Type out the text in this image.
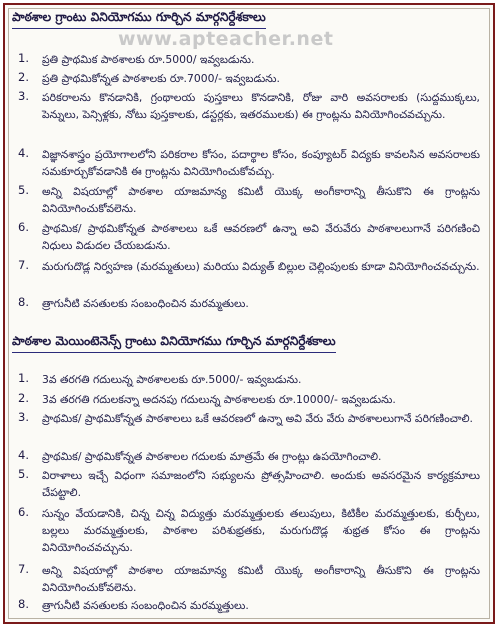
www.apteacher.net
పాఠశాల గ్రాంటు వినియోగము గూర్చిన మార్గనిర్దేశకాలు
1. ప్రతి ప్రాథమిక పాఠశాలకు రూ.5000/ ఇవ్వబడును.
2. ప్రతి ప్రాథమికోన్నత పాఠశాలకు రూ.7000/- ఇవ్వబడును.
3. పరికరాలను కొనడానికి, గ్రంథాలయ పుస్తకాలు కొనడానికి, రోజు వారి అవసరాలకు (సుద్దముక్కలు, పెన్నులు, పెన్సిళ్లకు, నోటు పుస్తకాలకు, డస్టర్లకు, ఇతరములకు) ఈ గ్రాంట్లను వినియోగించవచ్చును.
4. విజ్ఞానశాస్త్రం ప్రయోగాలలోని పరికరాల కోసం, పదార్థాల కోసం, కంప్యూటర్ విద్యకు కావలసిన అవసరాలకు సమకూర్చుకోవడానికి ఈ గ్రాంట్లను వినియోగించుకోవచ్చు.
5. అన్ని విషయాల్లో పాఠశాల యాజమాన్య కమిటీ యొక్క అంగీకారాన్ని తీసుకొని ఈ గ్రాంట్లను వినియోగించుకోవలెను.
6. ప్రాథమిక/ ప్రాథమికోన్నత పాఠశాలలు ఒకే ఆవరణలో ఉన్నా అవి వేరువేరు పాఠశాలలుగానే పరిగణించి నిధులు విడుదల చేయబడును.
7. మరుగుదొడ్ల నిర్వహణ (మరమ్మతులు) మరియు విద్యుత్ బిల్లుల చెల్లింపులకు కూడా వినియోగించవచ్చును.
8. త్రాగునీటి వసతులకు సంబంధించిన మరమ్మతులు.
పాఠశాల మెయింటెనెన్స్ గ్రాంటు వినియోగము గూర్చిన మార్గనిర్దేశకాలు
1. 3వ తరగతి గదులున్న పాఠశాలలకు రూ.5000/- ఇవ్వబడును.
2. 3వ తరగతి గదులకన్నా అదనపు గదులున్న పాఠశాలలకు రూ.10000/- ఇవ్వబడును.
3. ప్రాథమిక/ ప్రాథమికోన్నత పాఠశాలలు ఒకే ఆవరణలో ఉన్నా అవి వేరు వేరు పాఠశాలలుగానే పరిగణించాలి.
4. ప్రాథమిక/ ప్రాథమికోన్నత పాఠశాలల గదులకు మాత్రమే ఈ గ్రాంట్లు ఉపయోగించాలి.
5. విరాళాలు ఇచ్చే విధంగా సమాజంలోని సభ్యులను ప్రోత్సహించాలి. అందుకు అవసరమైన కార్యక్రమాలు చేపట్టాలి.
6. సున్నం వేయడానికి, చిన్న చిన్న విద్యుత్తు మరమ్మత్తులకు తలుపులు, కిటికీల మరమ్మత్తులకు, కుర్చీలు, బల్లలు మరమ్మత్తులకు, పాఠశాల పరిశుభ్రతకు, మరుగుదొడ్ల శుభ్రత కోసం ఈ గ్రాంట్లను వినియోగించవచ్చును.
7. అన్ని విషయాల్లో పాఠశాల యాజమాన్య కమిటీ యొక్క అంగీకారాన్ని తీసుకొని ఈ గ్రాంట్లను వినియోగించుకోవలెను.
8. త్రాగునీటి వసతులకు సంబంధించిన మరమ్మత్తులు.
